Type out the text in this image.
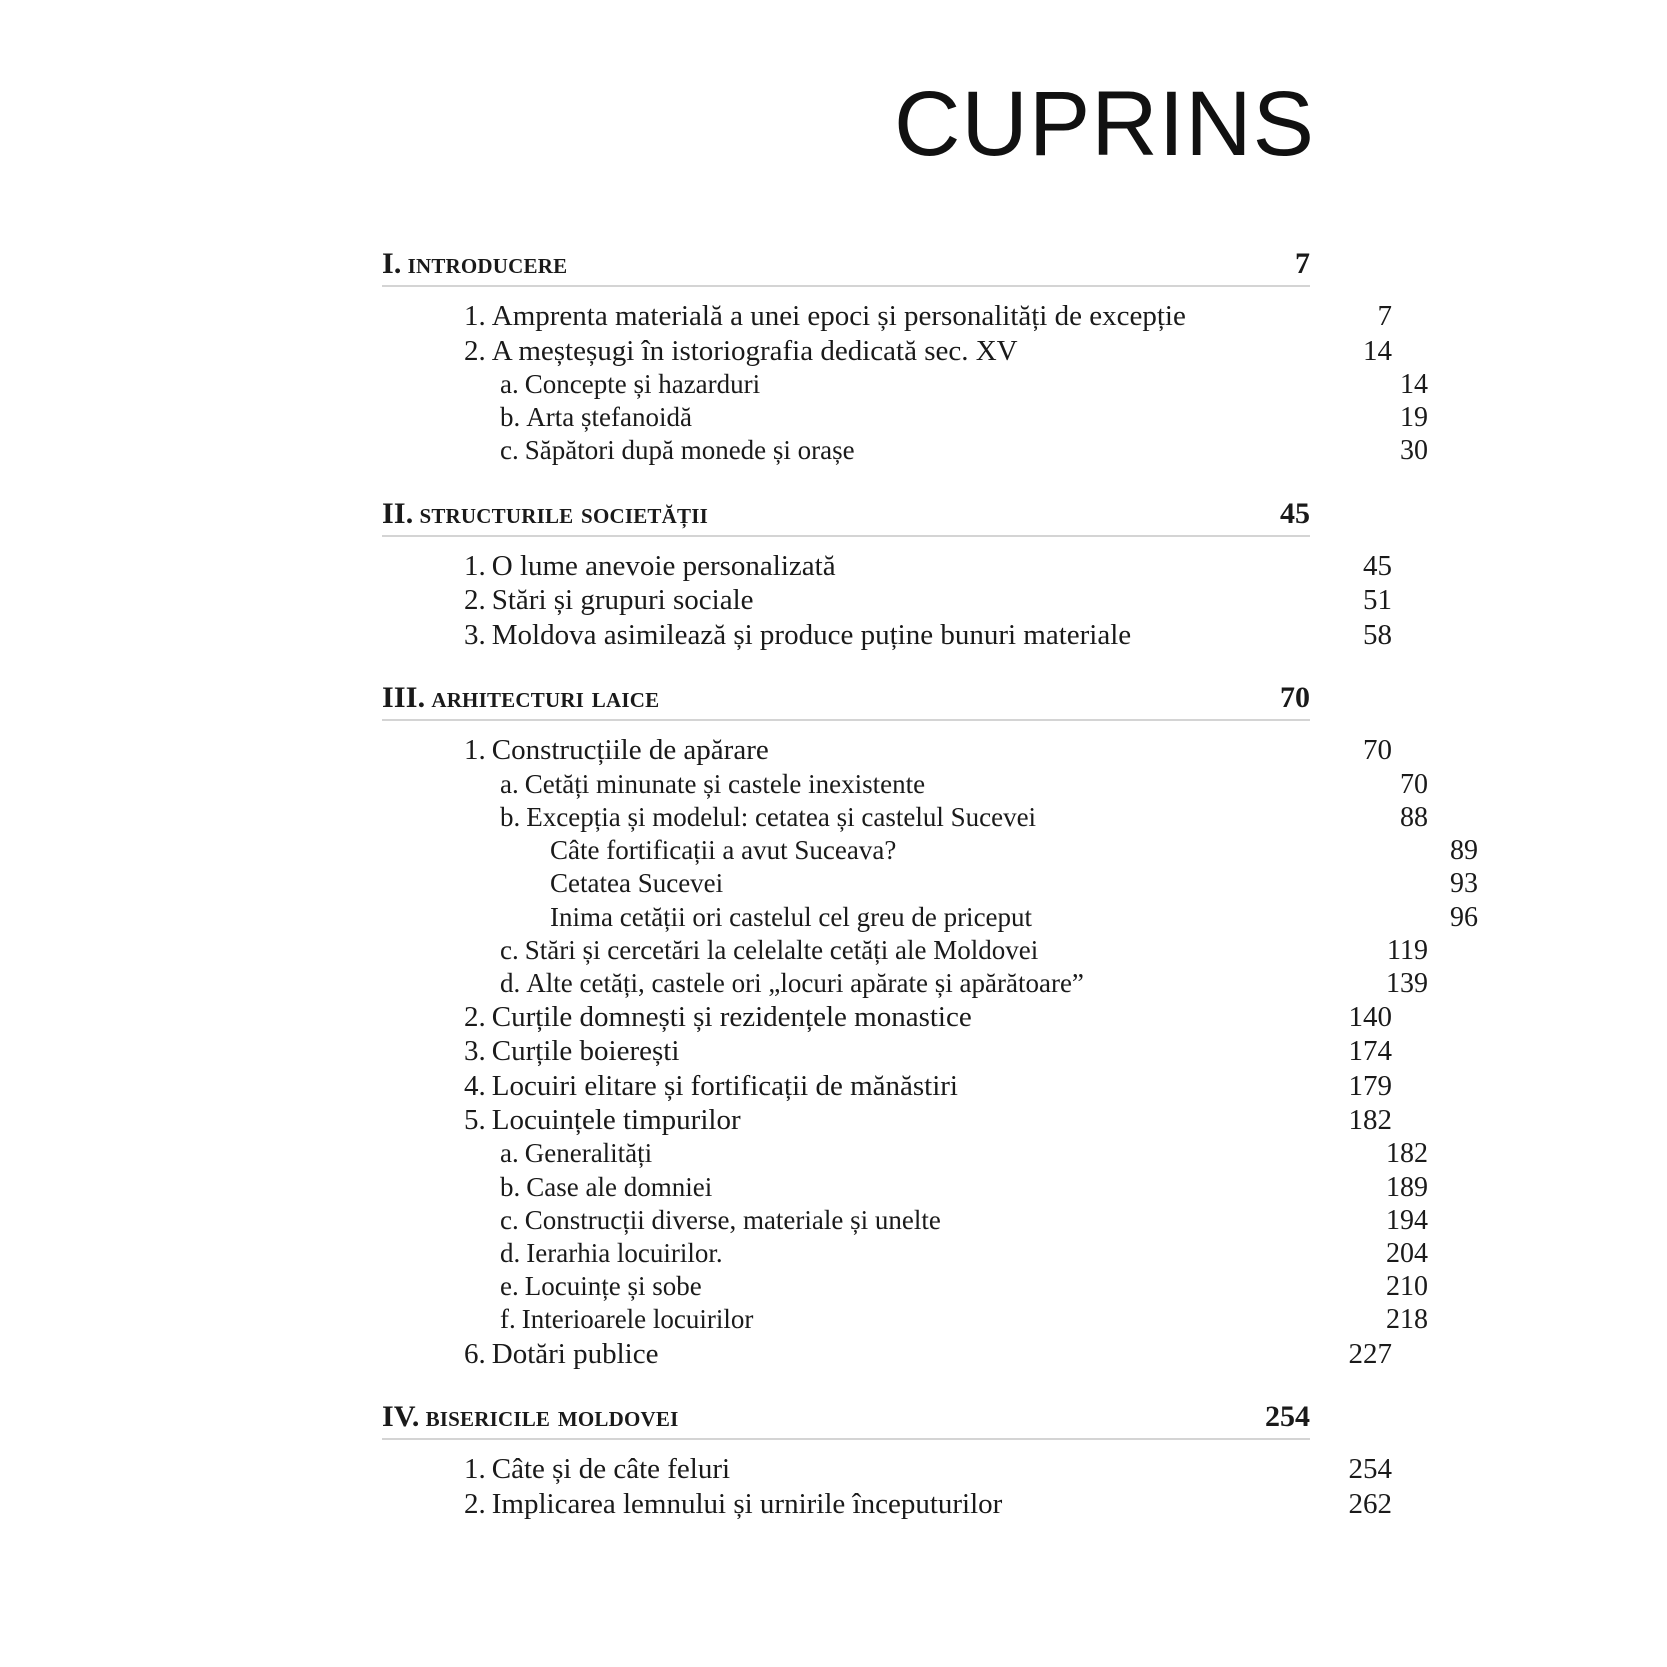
CUPRINS
I. introducere	7
1. Amprenta materială a unei epoci și personalități de excepție	7
2. A meșteșugi în istoriografia dedicată sec. XV	14
a. Concepte și hazarduri	14
b. Arta ștefanoidă	19
c. Săpători după monede și orașe	30
II. structurile societății	45
1. O lume anevoie personalizată	45
2. Stări și grupuri sociale	51
3. Moldova asimilează și produce puține bunuri materiale	58
III. arhitecturi laice	70
1. Construcțiile de apărare	70
a. Cetăți minunate și castele inexistente	70
b. Excepția și modelul: cetatea și castelul Sucevei	88
Câte fortificații a avut Suceava?	89
Cetatea Sucevei	93
Inima cetății ori castelul cel greu de priceput	96
c. Stări și cercetări la celelalte cetăți ale Moldovei	119
d. Alte cetăți, castele ori „locuri apărate și apărătoare”	139
2. Curțile domnești și rezidențele monastice	140
3. Curțile boierești	174
4. Locuiri elitare și fortificații de mănăstiri	179
5. Locuințele timpurilor	182
a. Generalități	182
b. Case ale domniei	189
c. Construcții diverse, materiale și unelte	194
d. Ierarhia locuirilor.	204
e. Locuințe și sobe	210
f. Interioarele locuirilor	218
6. Dotări publice	227
IV. bisericile moldovei	254
1. Câte și de câte feluri	254
2. Implicarea lemnului și urnirile începuturilor	262
